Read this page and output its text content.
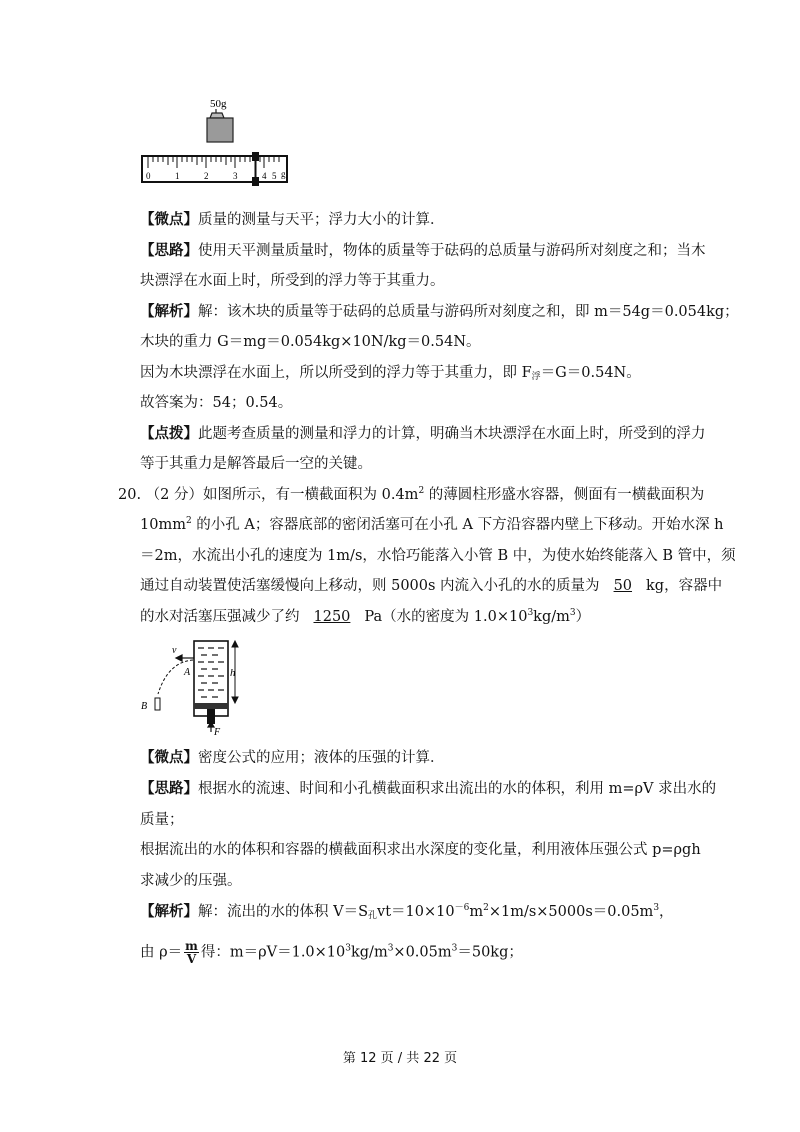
50g
0	1	2	3	4 5 g
【微点】质量的测量与天平；浮力大小的计算．
【思路】使用天平测量质量时，物体的质量等于砝码的总质量与游码所对刻度之和；当木
块漂浮在水面上时，所受到的浮力等于其重力。
【解析】解：该木块的质量等于砝码的总质量与游码所对刻度之和，即 m＝54g＝0.054kg；
木块的重力 G＝mg＝0.054kg×10N/kg＝0.54N。
因为木块漂浮在水面上，所以所受到的浮力等于其重力，即 $F_浮=G=0.54N$。
故答案为：54；0.54。
【点拨】此题考查质量的测量和浮力的计算，明确当木块漂浮在水面上时，所受到的浮力
等于其重力是解答最后一空的关键。
20. （2 分）如图所示，有一横截面积为 $0.4m^2$ 的薄圆柱形盛水容器，侧面有一横截面积为
$10mm^2$ 的小孔 A；容器底部的密闭活塞可在小孔 A 下方沿容器内壁上下移动。开始水深 h
＝2m，水流出小孔的速度为 1m/s，水恰巧能落入小管 B 中，为使水始终能落入 B 管中，须
通过自动装置使活塞缓慢向上移动，则 5000s 内流入小孔的水的质量为 50 kg，容器中
的水对活塞压强减少了约 1250 Pa（水的密度为 $1.0\times 10^3kg/m^3$）
F
h
v
A
B
【微点】密度公式的应用；液体的压强的计算．
【思路】根据水的流速、时间和小孔横截面积求出流出的水的体积，利用 m=ρV 求出水的
质量；
根据流出的水的体积和容器的横截面积求出水深度的变化量，利用液体压强公式 p=ρgh
求减少的压强。
【解析】解：流出的水的体积 $V=S_孔vt=10\times 10^{-6}m^2\times 1m/s\times 5000s=0.05m^3$，
由 $\rho= \frac{m}{V}$ 得：$m=\rho V=1.0\times 10^3kg/m^3\times 0.05m^3=50kg$；
第 12 页 / 共 22 页
